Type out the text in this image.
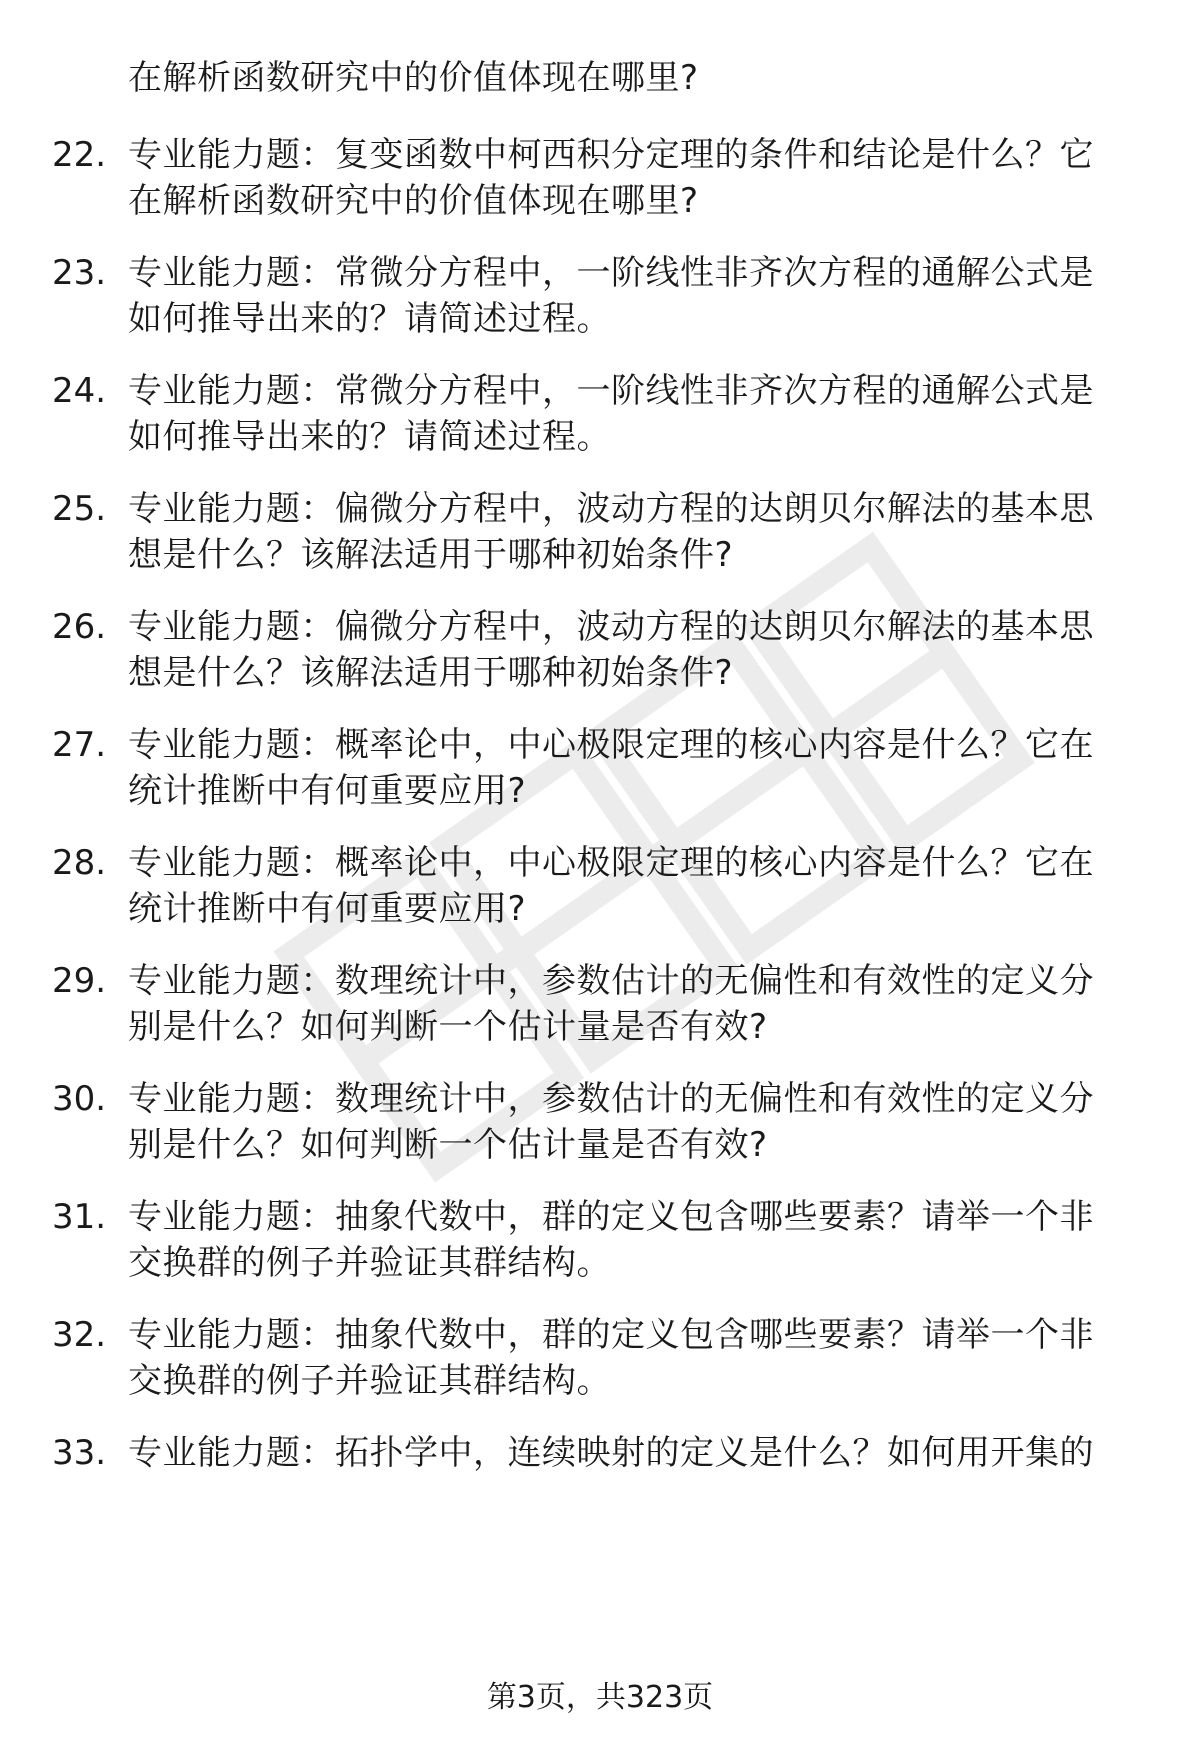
在解析函数研究中的价值体现在哪里?
22. 专业能力题：复变函数中柯西积分定理的条件和结论是什么？它
在解析函数研究中的价值体现在哪里?
23. 专业能力题：常微分方程中，一阶线性非齐次方程的通解公式是
如何推导出来的？请简述过程。
24. 专业能力题：常微分方程中，一阶线性非齐次方程的通解公式是
如何推导出来的？请简述过程。
25. 专业能力题：偏微分方程中，波动方程的达朗贝尔解法的基本思
想是什么？该解法适用于哪种初始条件?
26. 专业能力题：偏微分方程中，波动方程的达朗贝尔解法的基本思
想是什么？该解法适用于哪种初始条件?
27. 专业能力题：概率论中，中心极限定理的核心内容是什么？它在
统计推断中有何重要应用?
28. 专业能力题：概率论中，中心极限定理的核心内容是什么？它在
统计推断中有何重要应用?
29. 专业能力题：数理统计中，参数估计的无偏性和有效性的定义分
别是什么？如何判断一个估计量是否有效?
30. 专业能力题：数理统计中，参数估计的无偏性和有效性的定义分
别是什么？如何判断一个估计量是否有效?
31. 专业能力题：抽象代数中，群的定义包含哪些要素？请举一个非
交换群的例子并验证其群结构。
32. 专业能力题：抽象代数中，群的定义包含哪些要素？请举一个非
交换群的例子并验证其群结构。
33. 专业能力题：拓扑学中，连续映射的定义是什么？如何用开集的
第3页，共323页
